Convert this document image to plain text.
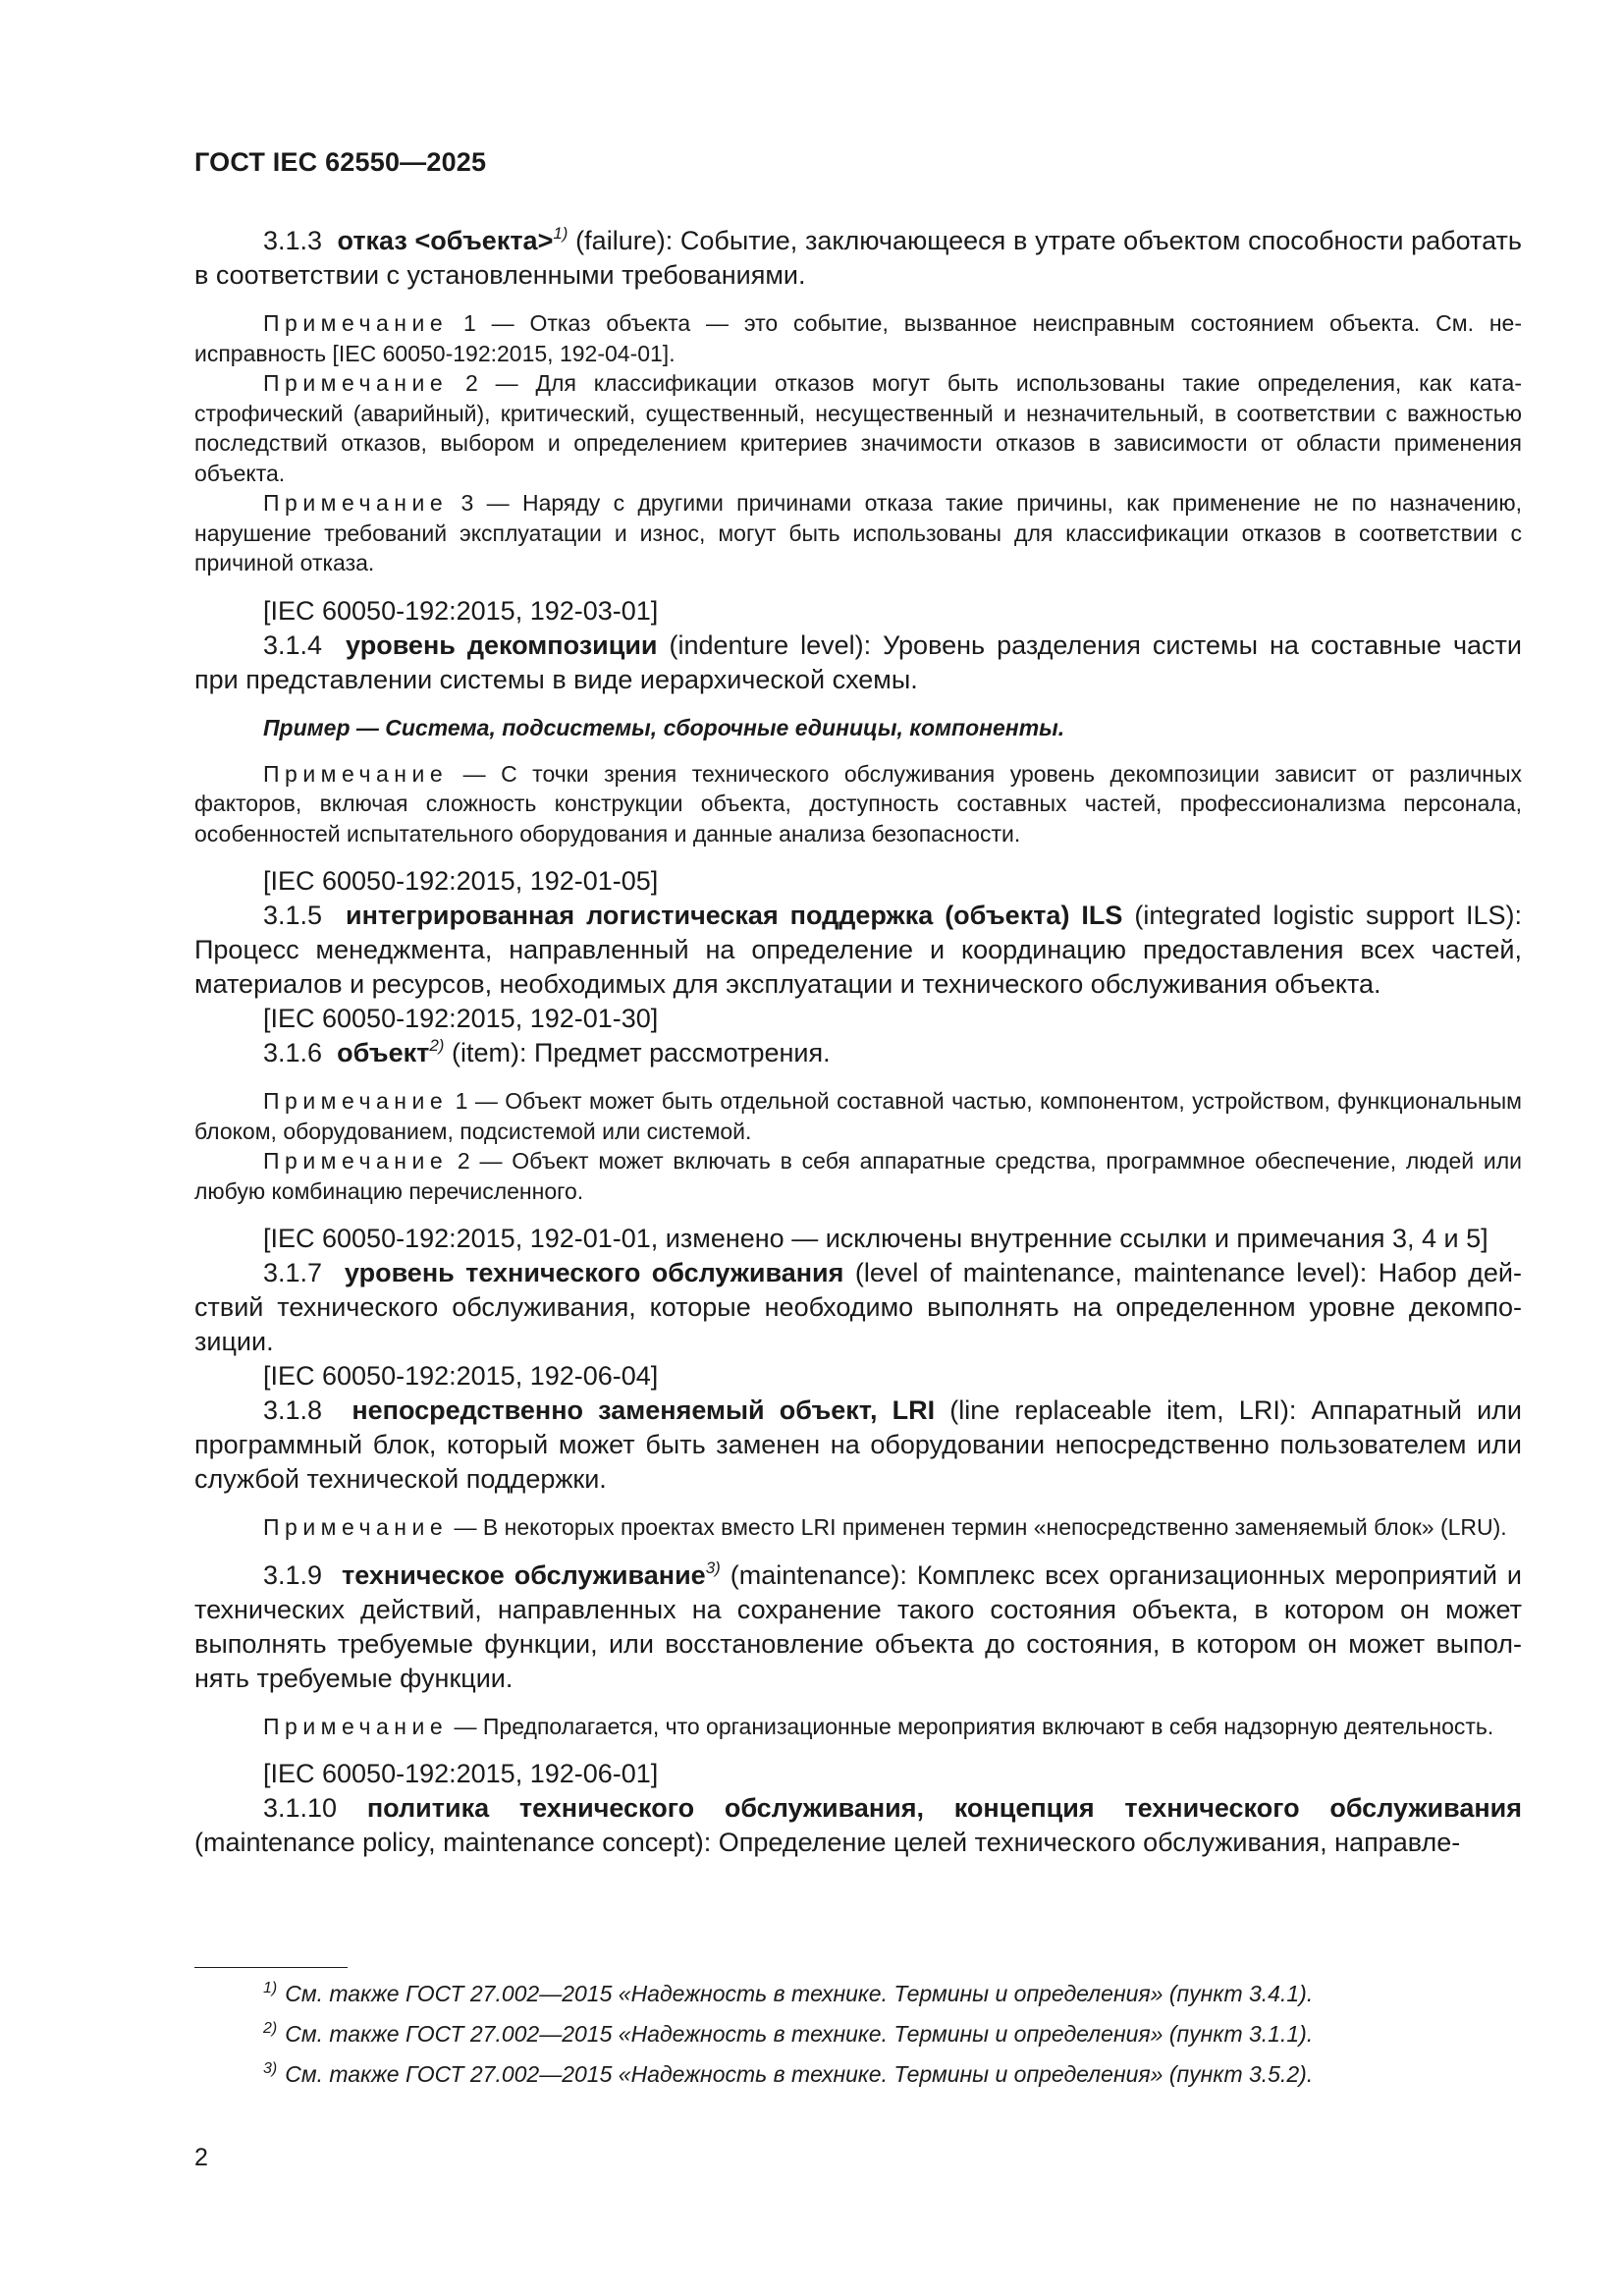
ГОСТ IEC 62550—2025
3.1.3 отказ <объекта>$^{1)}$ (failure): Событие, заключающееся в утрате объектом способности работать в соответствии с установленными требованиями.
Примечание 1 — Отказ объекта — это событие, вызванное неисправным состоянием объекта. См. неисправность [IEC 60050-192:2015, 192-04-01].
Примечание 2 — Для классификации отказов могут быть использованы такие определения, как катастрофический (аварийный), критический, существенный, несущественный и незначительный, в соответствии с важностью последствий отказов, выбором и определением критериев значимости отказов в зависимости от области применения объекта.
Примечание 3 — Наряду с другими причинами отказа такие причины, как применение не по назначению, нарушение требований эксплуатации и износ, могут быть использованы для классификации отказов в соответствии с причиной отказа.
[IEC 60050-192:2015, 192-03-01]
3.1.4 уровень декомпозиции (indenture level): Уровень разделения системы на составные части при представлении системы в виде иерархической схемы.
Пример — Система, подсистемы, сборочные единицы, компоненты.
Примечание — С точки зрения технического обслуживания уровень декомпозиции зависит от различных факторов, включая сложность конструкции объекта, доступность составных частей, профессионализма персонала, особенностей испытательного оборудования и данные анализа безопасности.
[IEC 60050-192:2015, 192-01-05]
3.1.5 интегрированная логистическая поддержка (объекта) ILS (integrated logistic support ILS): Процесс менеджмента, направленный на определение и координацию предоставления всех частей, материалов и ресурсов, необходимых для эксплуатации и технического обслуживания объекта.
[IEC 60050-192:2015, 192-01-30]
3.1.6 объект$^{2)}$ (item): Предмет рассмотрения.
Примечание 1 — Объект может быть отдельной составной частью, компонентом, устройством, функциональным блоком, оборудованием, подсистемой или системой.
Примечание 2 — Объект может включать в себя аппаратные средства, программное обеспечение, людей или любую комбинацию перечисленного.
[IEC 60050-192:2015, 192-01-01, изменено — исключены внутренние ссылки и примечания 3, 4 и 5]
3.1.7 уровень технического обслуживания (level of maintenance, maintenance level): Набор действий технического обслуживания, которые необходимо выполнять на определенном уровне декомпозиции.
[IEC 60050-192:2015, 192-06-04]
3.1.8 непосредственно заменяемый объект, LRI (line replaceable item, LRI): Аппаратный или программный блок, который может быть заменен на оборудовании непосредственно пользователем или службой технической поддержки.
Примечание — В некоторых проектах вместо LRI применен термин «непосредственно заменяемый блок» (LRU).
3.1.9 техническое обслуживание$^{3)}$ (maintenance): Комплекс всех организационных мероприятий и технических действий, направленных на сохранение такого состояния объекта, в котором он может выполнять требуемые функции, или восстановление объекта до состояния, в котором он может выполнять требуемые функции.
Примечание — Предполагается, что организационные мероприятия включают в себя надзорную деятельность.
[IEC 60050-192:2015, 192-06-01]
3.1.10 политика технического обслуживания, концепция технического обслуживания (maintenance policy, maintenance concept): Определение целей технического обслуживания, направле-
$^{1)}$ См. также ГОСТ 27.002—2015 «Надежность в технике. Термины и определения» (пункт 3.4.1).
$^{2)}$ См. также ГОСТ 27.002—2015 «Надежность в технике. Термины и определения» (пункт 3.1.1).
$^{3)}$ См. также ГОСТ 27.002—2015 «Надежность в технике. Термины и определения» (пункт 3.5.2).
2
